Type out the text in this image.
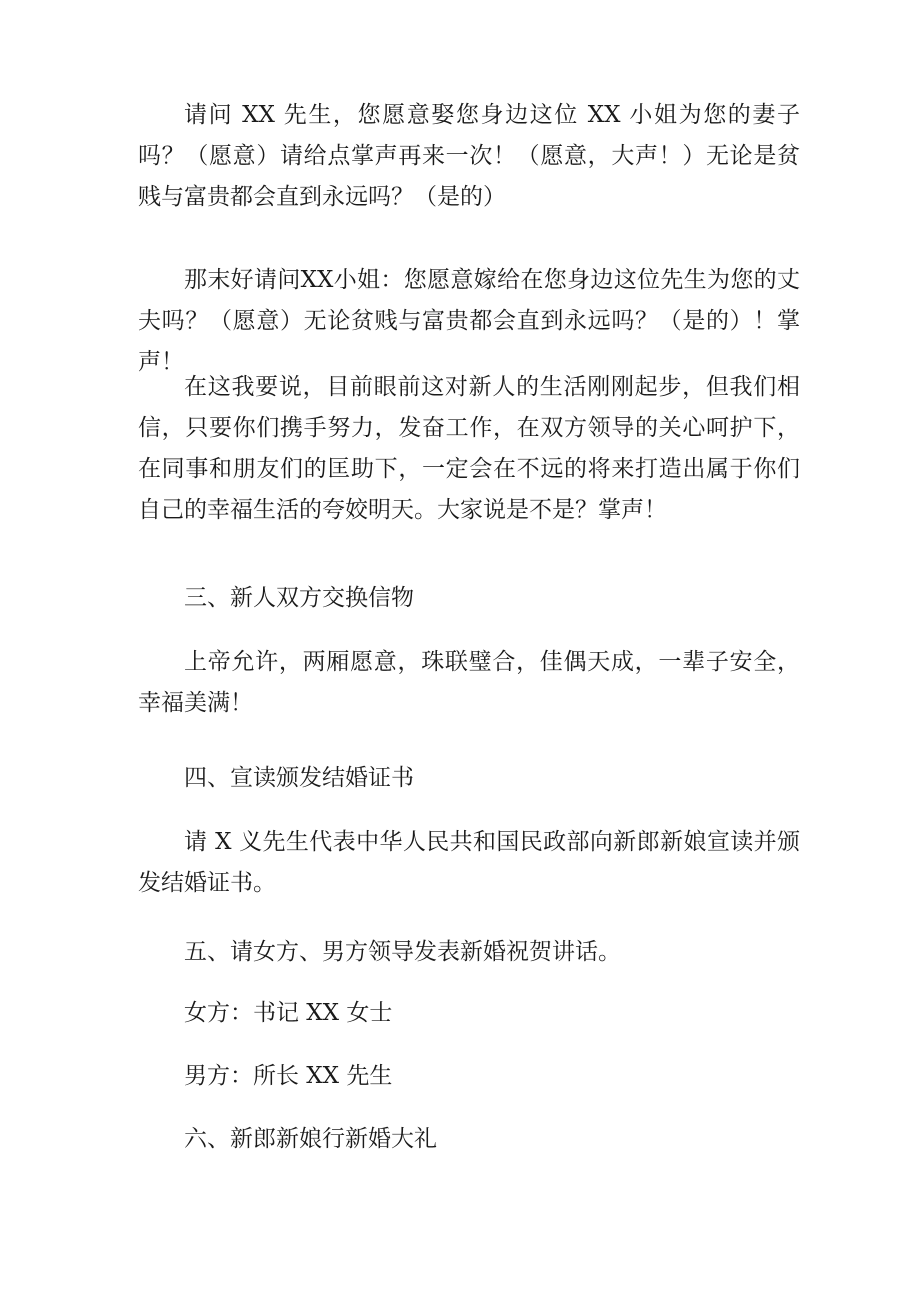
请问 XX 先生，您愿意娶您身边这位 XX 小姐为您的妻子吗？（愿意）请给点掌声再来一次！（愿意，大声！）无论是贫贱与富贵都会直到永远吗？（是的）

那末好请问XX小姐：您愿意嫁给在您身边这位先生为您的丈夫吗？（愿意）无论贫贱与富贵都会直到永远吗？（是的）！掌声！

在这我要说，目前眼前这对新人的生活刚刚起步，但我们相信，只要你们携手努力，发奋工作，在双方领导的关心呵护下，在同事和朋友们的匡助下，一定会在不远的将来打造出属于你们自己的幸福生活的夸姣明天。大家说是不是？掌声！

三、新人双方交换信物

上帝允许，两厢愿意，珠联璧合，佳偶天成，一辈子安全，幸福美满！

四、宣读颁发结婚证书

请 X 义先生代表中华人民共和国民政部向新郎新娘宣读并颁发结婚证书。

五、请女方、男方领导发表新婚祝贺讲话。

女方：书记 XX 女士

男方：所长 XX 先生

六、新郎新娘行新婚大礼
